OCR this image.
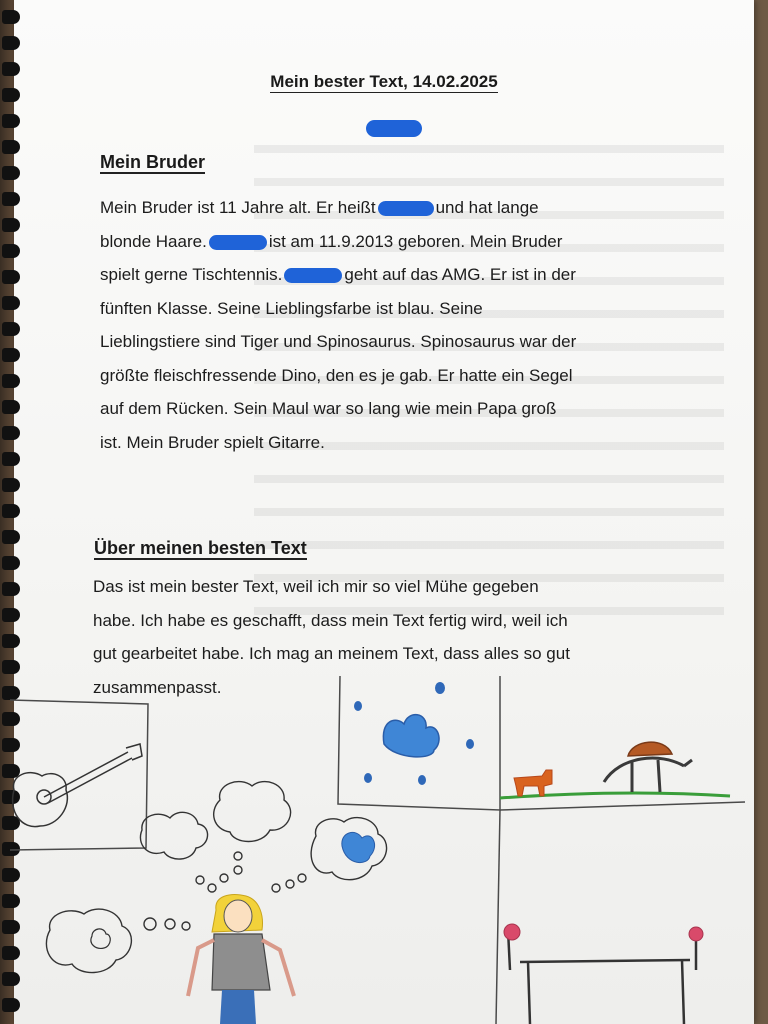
Mein bester Text, 14.02.2025
Mein Bruder
Mein Bruder ist 11 Jahre alt. Er heißt	und hat lange
blonde Haare.	ist am 11.9.2013 geboren. Mein Bruder
spielt gerne Tischtennis.	geht auf das AMG. Er ist in der
fünften Klasse. Seine Lieblingsfarbe ist blau. Seine
Lieblingstiere sind Tiger und Spinosaurus. Spinosaurus war der
größte fleischfressende Dino, den es je gab. Er hatte ein Segel
auf dem Rücken. Sein Maul war so lang wie mein Papa groß
ist. Mein Bruder spielt Gitarre.
Über meinen besten Text
Das ist mein bester Text, weil ich mir so viel Mühe gegeben
habe. Ich habe es geschafft, dass mein Text fertig wird, weil ich
gut gearbeitet habe. Ich mag an meinem Text, dass alles so gut
zusammenpasst.
